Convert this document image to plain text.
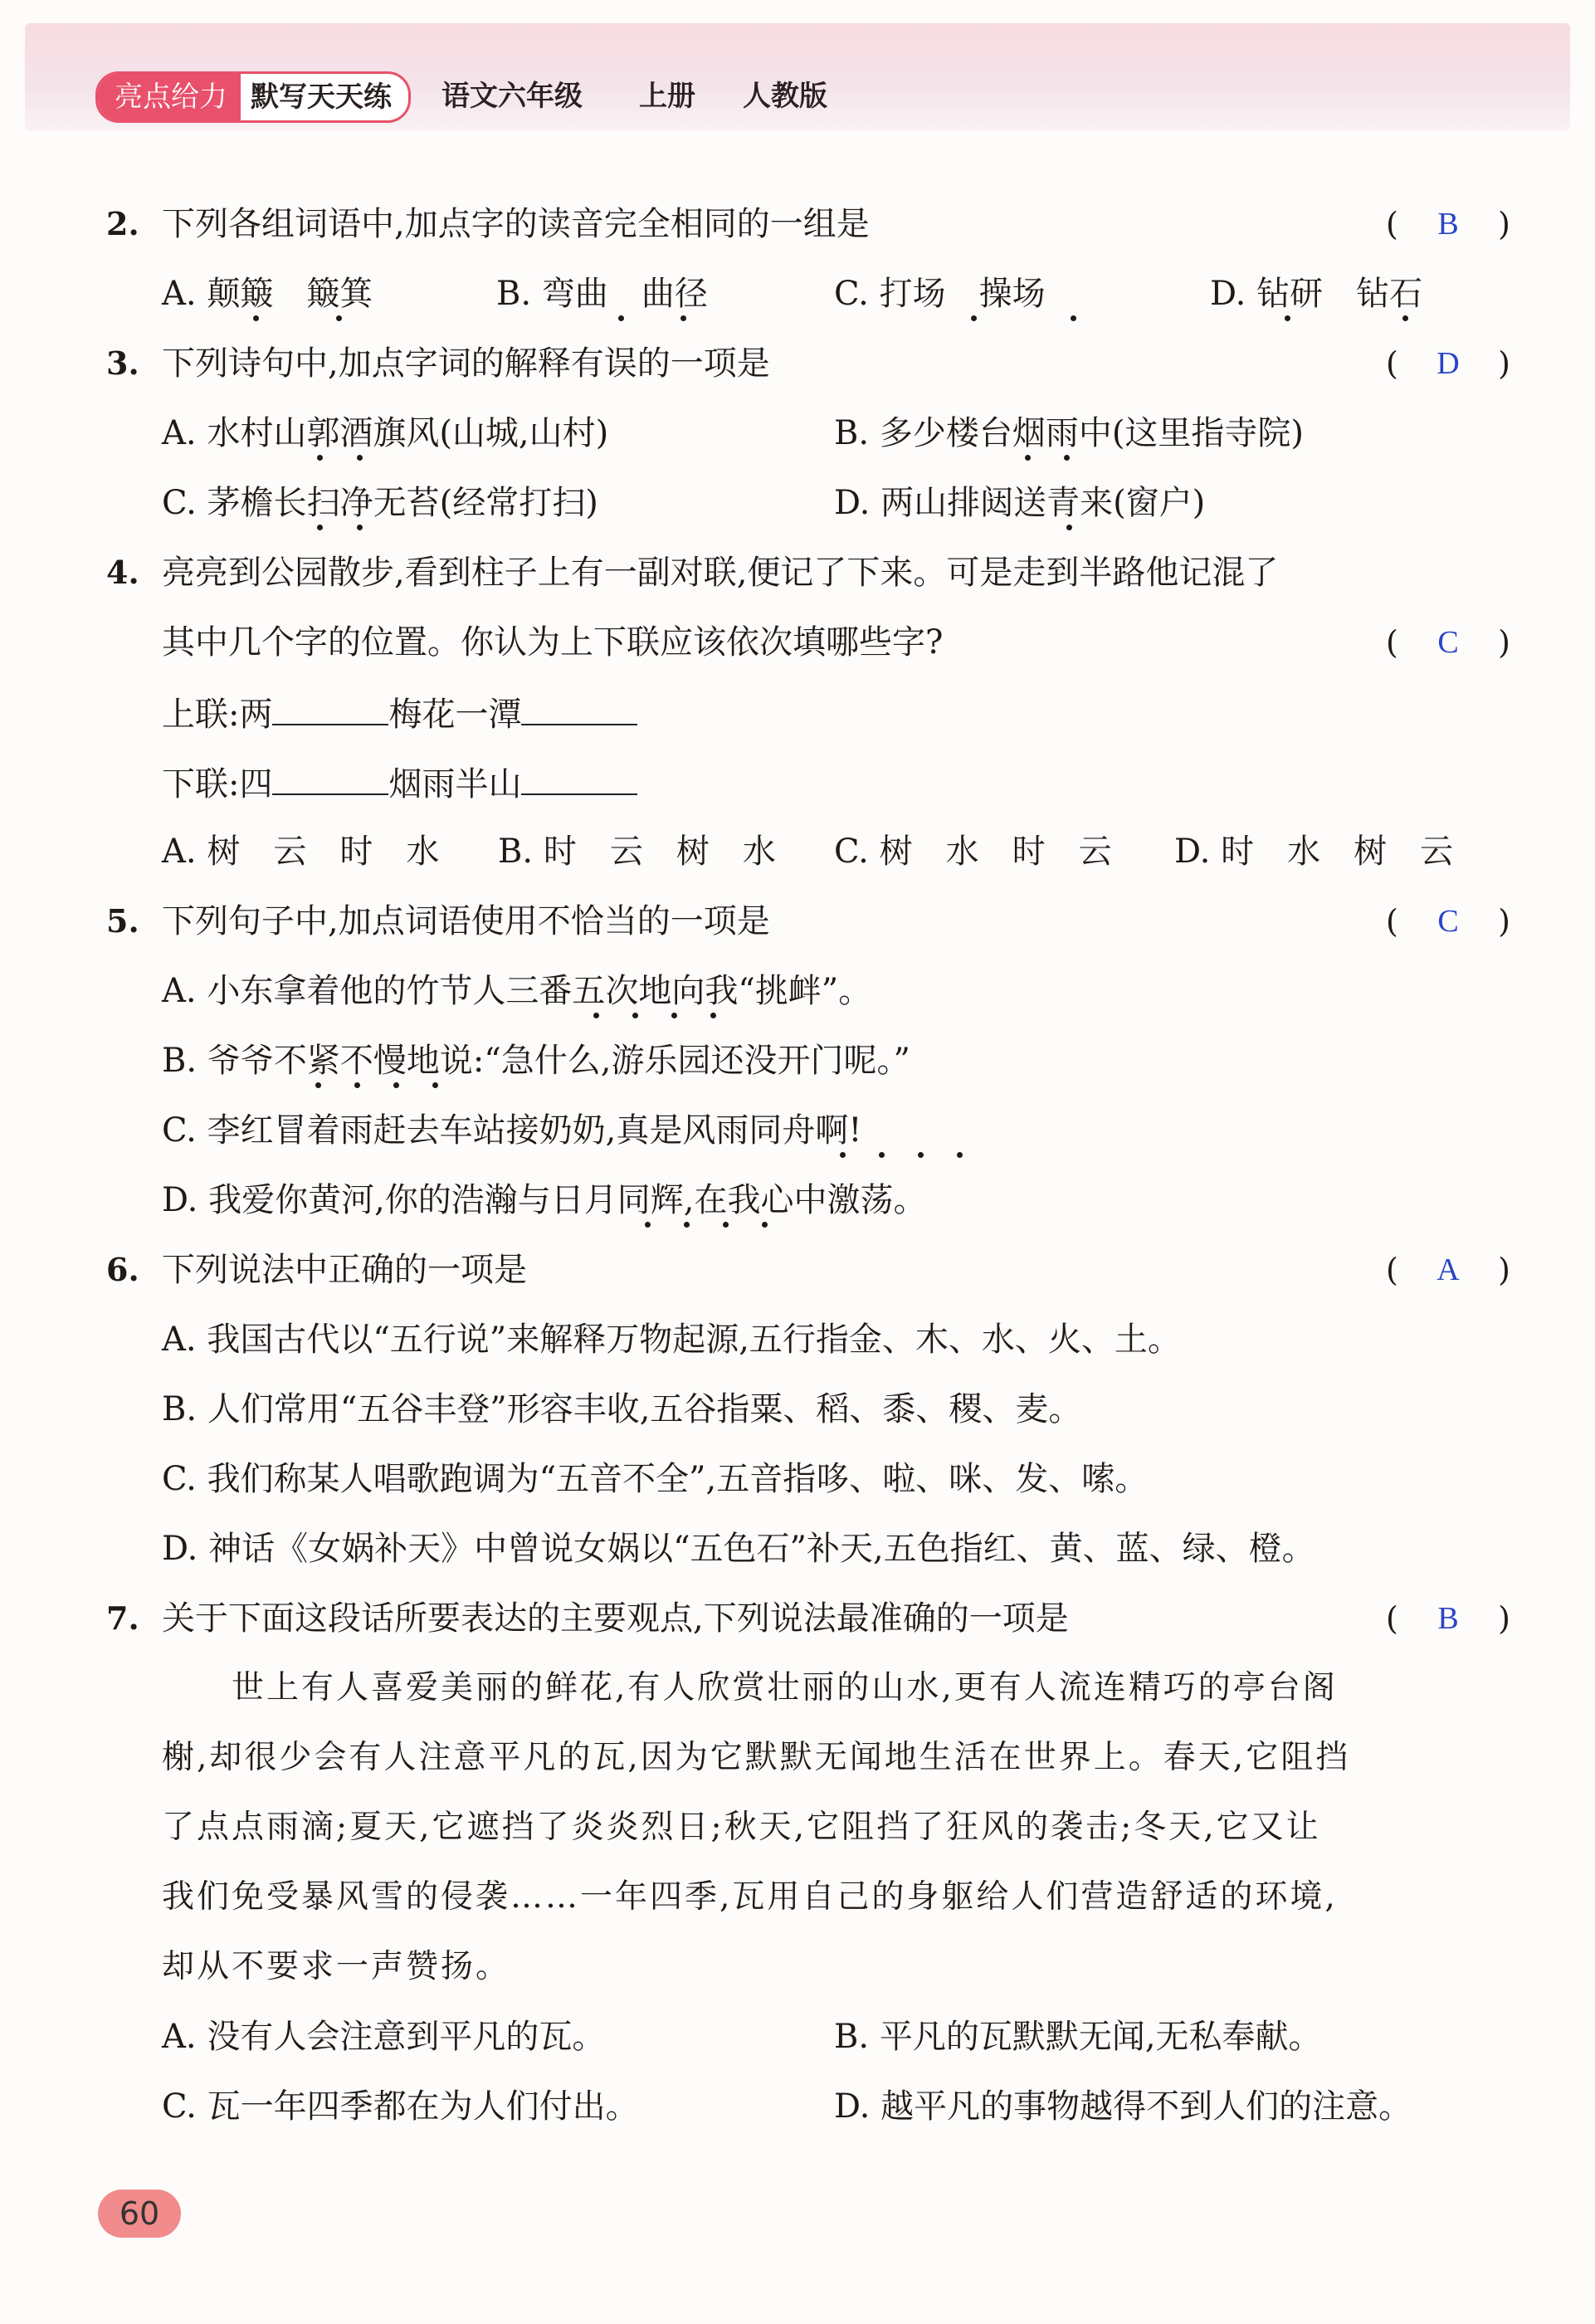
亮点给力 默写天天练	语文六年级 上册 人教版
2. 下列各组词语中,加点字的读音完全相同的一组是	( B )
A. 颠簸　簸箕	B. 弯曲　曲径	C. 打场　操场	D. 钻研　钻石
3. 下列诗句中,加点字词的解释有误的一项是	( D )
A. 水村山郭酒旗风(山城,山村)	B. 多少楼台烟雨中(这里指寺院)
C. 茅檐长扫净无苔(经常打扫)	D. 两山排闼送青来(窗户)
4. 亮亮到公园散步,看到柱子上有一副对联,便记了下来。可是走到半路他记混了
其中几个字的位置。你认为上下联应该依次填哪些字?	( C )
上联:两	梅花一潭
下联:四	烟雨半山
A. 树　云　时　水 B. 时　云　树　水 C. 树　水　时　云 D. 时　水　树　云
5. 下列句子中,加点词语使用不恰当的一项是	( C )
A. 小东拿着他的竹节人三番五次地向我“挑衅”。
B. 爷爷不紧不慢地说:“急什么,游乐园还没开门呢。”
C. 李红冒着雨赶去车站接奶奶,真是风雨同舟啊!
D. 我爱你黄河,你的浩瀚与日月同辉,在我心中激荡。
6. 下列说法中正确的一项是	( A )
A. 我国古代以“五行说”来解释万物起源,五行指金、木、水、火、土。
B. 人们常用“五谷丰登”形容丰收,五谷指粟、稻、黍、稷、麦。
C. 我们称某人唱歌跑调为“五音不全”,五音指哆、啦、咪、发、嗦。
D. 神话《女娲补天》中曾说女娲以“五色石”补天,五色指红、黄、蓝、绿、橙。
7. 关于下面这段话所要表达的主要观点,下列说法最准确的一项是	( B )
　　世上有人喜爱美丽的鲜花,有人欣赏壮丽的山水,更有人流连精巧的亭台阁
榭,却很少会有人注意平凡的瓦,因为它默默无闻地生活在世界上。春天,它阻挡
了点点雨滴;夏天,它遮挡了炎炎烈日;秋天,它阻挡了狂风的袭击;冬天,它又让
我们免受暴风雪的侵袭……一年四季,瓦用自己的身躯给人们营造舒适的环境,
却从不要求一声赞扬。
A. 没有人会注意到平凡的瓦。	B. 平凡的瓦默默无闻,无私奉献。
C. 瓦一年四季都在为人们付出。	D. 越平凡的事物越得不到人们的注意。
60
